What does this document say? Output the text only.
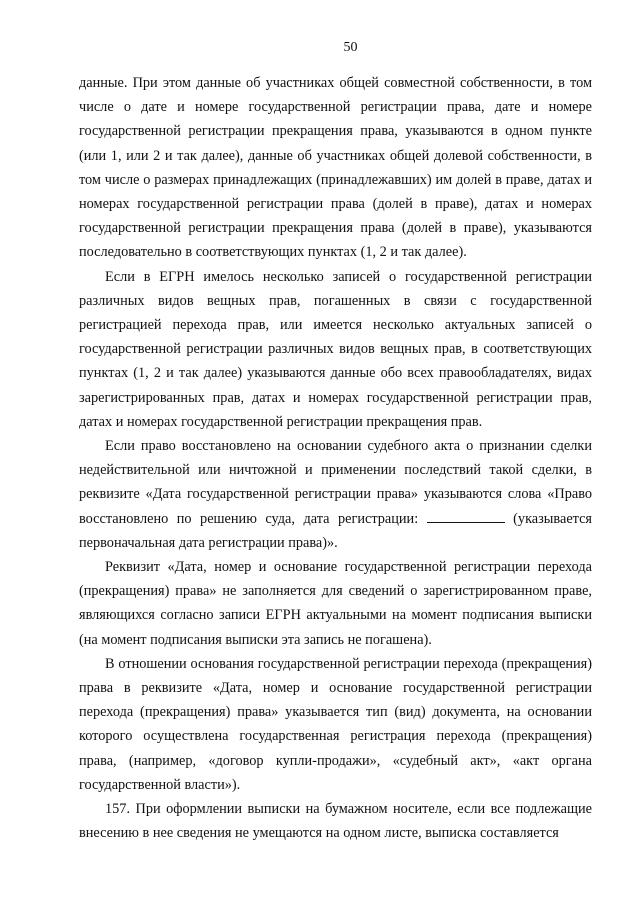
50

данные. При этом данные об участниках общей совместной собственности, в том числе о дате и номере государственной регистрации права, дате и номере государственной регистрации прекращения права, указываются в одном пункте (или 1, или 2 и так далее), данные об участниках общей долевой собственности, в том числе о размерах принадлежащих (принадлежавших) им долей в праве, датах и номерах государственной регистрации права (долей в праве), датах и номерах государственной регистрации прекращения права (долей в праве), указываются последовательно в соответствующих пунктах (1, 2 и так далее).

Если в ЕГРН имелось несколько записей о государственной регистрации различных видов вещных прав, погашенных в связи с государственной регистрацией перехода прав, или имеется несколько актуальных записей о государственной регистрации различных видов вещных прав, в соответствующих пунктах (1, 2 и так далее) указываются данные обо всех правообладателях, видах зарегистрированных прав, датах и номерах государственной регистрации прав, датах и номерах государственной регистрации прекращения прав.

Если право восстановлено на основании судебного акта о признании сделки недействительной или ничтожной и применении последствий такой сделки, в реквизите «Дата государственной регистрации права» указываются слова «Право восстановлено по решению суда, дата регистрации:	(указывается первоначальная дата регистрации права)».

Реквизит «Дата, номер и основание государственной регистрации перехода (прекращения) права» не заполняется для сведений о зарегистрированном праве, являющихся согласно записи ЕГРН актуальными на момент подписания выписки (на момент подписания выписки эта запись не погашена).

В отношении основания государственной регистрации перехода (прекращения) права в реквизите «Дата, номер и основание государственной регистрации перехода (прекращения) права» указывается тип (вид) документа, на основании которого осуществлена государственная регистрация перехода (прекращения) права, (например, «договор купли-продажи», «судебный акт», «акт органа государственной власти»).

157. При оформлении выписки на бумажном носителе, если все подлежащие внесению в нее сведения не умещаются на одном листе, выписка составляется
